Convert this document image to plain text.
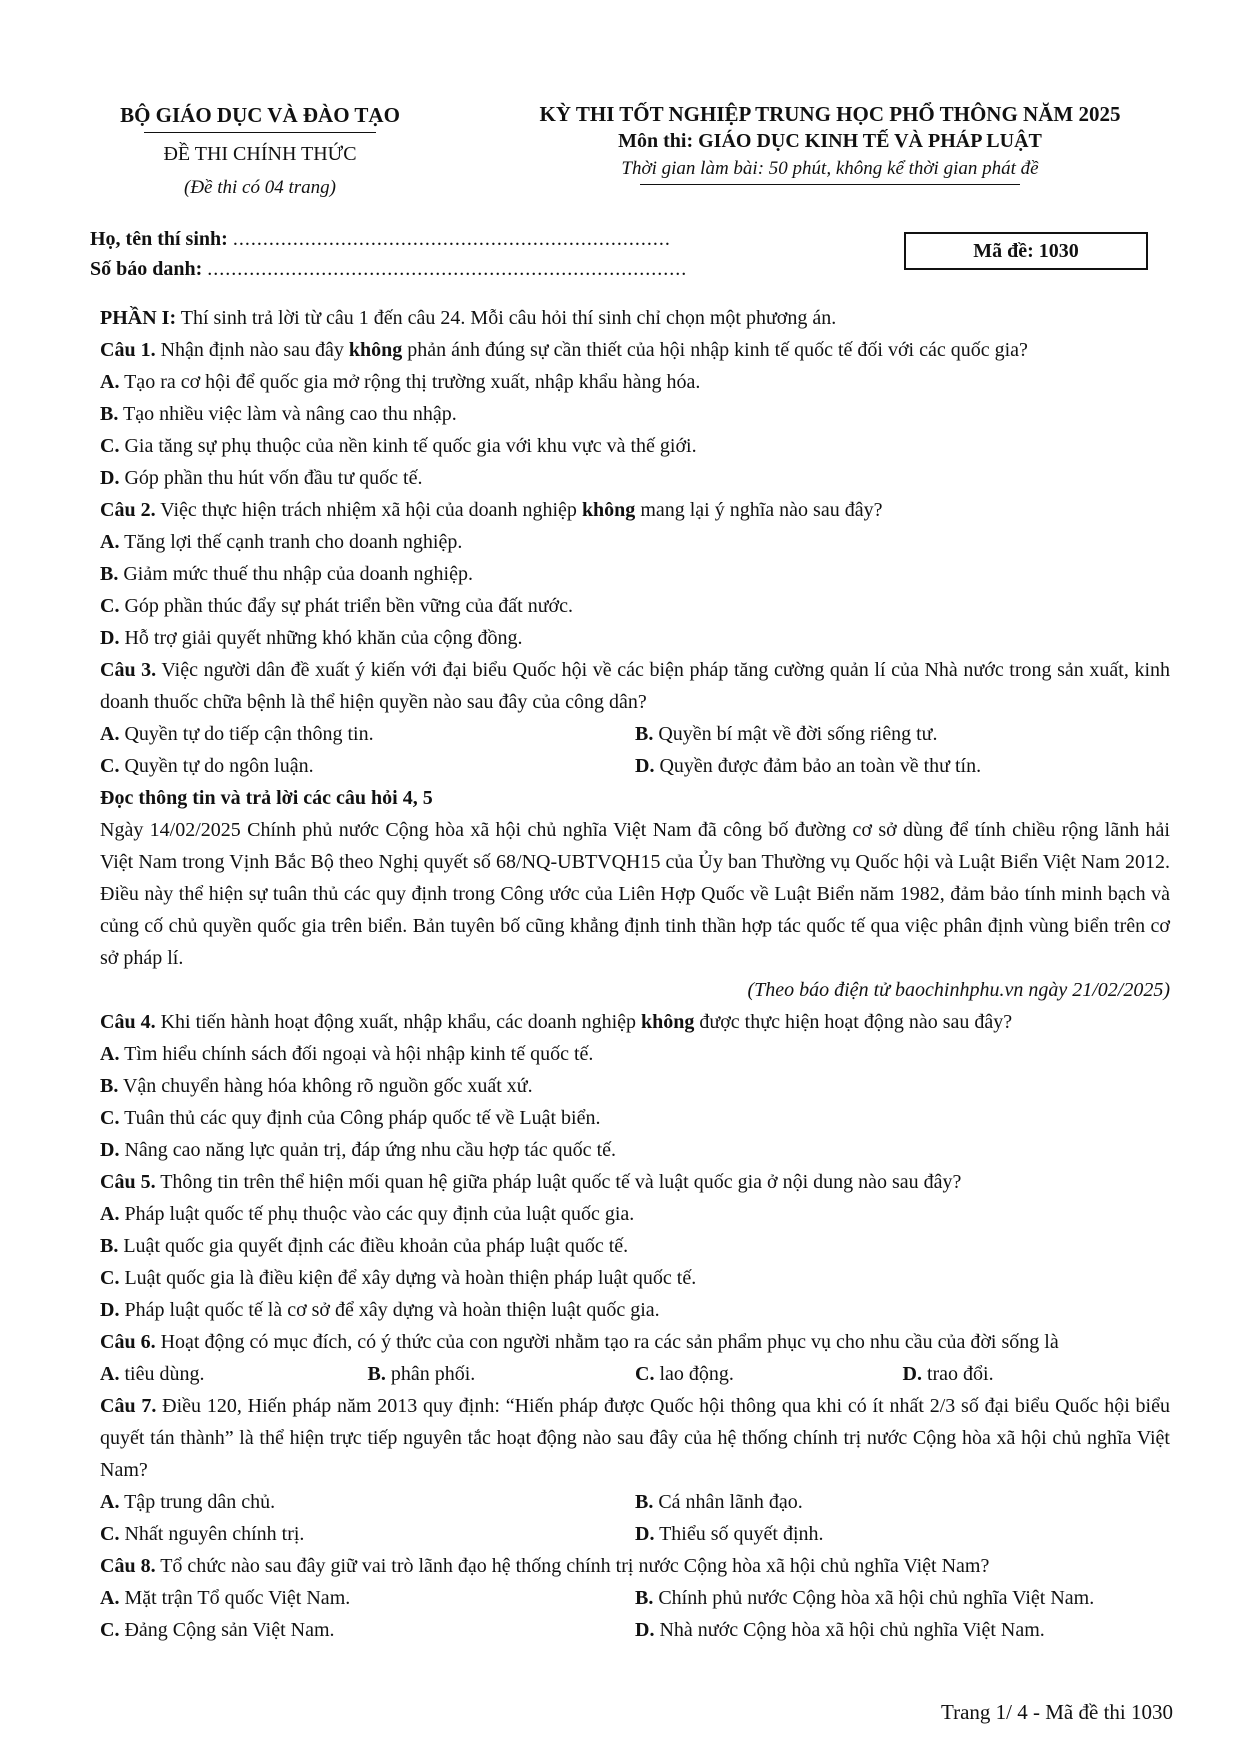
BỘ GIÁO DỤC VÀ ĐÀO TẠO
ĐỀ THI CHÍNH THỨC
(Đề thi có 04 trang)
KỲ THI TỐT NGHIỆP TRUNG HỌC PHỔ THÔNG NĂM 2025
Môn thi: GIÁO DỤC KINH TẾ VÀ PHÁP LUẬT
Thời gian làm bài: 50 phút, không kể thời gian phát đề
Họ, tên thí sinh: .........................................................................
Số báo danh: ................................................................................
Mã đề: 1030

PHẦN I: Thí sinh trả lời từ câu 1 đến câu 24. Mỗi câu hỏi thí sinh chỉ chọn một phương án.

Câu 1. Nhận định nào sau đây không phản ánh đúng sự cần thiết của hội nhập kinh tế quốc tế đối với các quốc gia?

A. Tạo ra cơ hội để quốc gia mở rộng thị trường xuất, nhập khẩu hàng hóa.

B. Tạo nhiều việc làm và nâng cao thu nhập.

C. Gia tăng sự phụ thuộc của nền kinh tế quốc gia với khu vực và thế giới.

D. Góp phần thu hút vốn đầu tư quốc tế.

Câu 2. Việc thực hiện trách nhiệm xã hội của doanh nghiệp không mang lại ý nghĩa nào sau đây?

A. Tăng lợi thế cạnh tranh cho doanh nghiệp.

B. Giảm mức thuế thu nhập của doanh nghiệp.

C. Góp phần thúc đẩy sự phát triển bền vững của đất nước.

D. Hỗ trợ giải quyết những khó khăn của cộng đồng.

Câu 3. Việc người dân đề xuất ý kiến với đại biểu Quốc hội về các biện pháp tăng cường quản lí của Nhà nước trong sản xuất, kinh doanh thuốc chữa bệnh là thể hiện quyền nào sau đây của công dân?

A. Quyền tự do tiếp cận thông tin.	B. Quyền bí mật về đời sống riêng tư.

C. Quyền tự do ngôn luận.	D. Quyền được đảm bảo an toàn về thư tín.

Đọc thông tin và trả lời các câu hỏi 4, 5

Ngày 14/02/2025 Chính phủ nước Cộng hòa xã hội chủ nghĩa Việt Nam đã công bố đường cơ sở dùng để tính chiều rộng lãnh hải Việt Nam trong Vịnh Bắc Bộ theo Nghị quyết số 68/NQ-UBTVQH15 của Ủy ban Thường vụ Quốc hội và Luật Biển Việt Nam 2012. Điều này thể hiện sự tuân thủ các quy định trong Công ước của Liên Hợp Quốc về Luật Biển năm 1982, đảm bảo tính minh bạch và củng cố chủ quyền quốc gia trên biển. Bản tuyên bố cũng khẳng định tinh thần hợp tác quốc tế qua việc phân định vùng biển trên cơ sở pháp lí.

(Theo báo điện tử baochinhphu.vn ngày 21/02/2025)

Câu 4. Khi tiến hành hoạt động xuất, nhập khẩu, các doanh nghiệp không được thực hiện hoạt động nào sau đây?

A. Tìm hiểu chính sách đối ngoại và hội nhập kinh tế quốc tế.

B. Vận chuyển hàng hóa không rõ nguồn gốc xuất xứ.

C. Tuân thủ các quy định của Công pháp quốc tế về Luật biển.

D. Nâng cao năng lực quản trị, đáp ứng nhu cầu hợp tác quốc tế.

Câu 5. Thông tin trên thể hiện mối quan hệ giữa pháp luật quốc tế và luật quốc gia ở nội dung nào sau đây?

A. Pháp luật quốc tế phụ thuộc vào các quy định của luật quốc gia.

B. Luật quốc gia quyết định các điều khoản của pháp luật quốc tế.

C. Luật quốc gia là điều kiện để xây dựng và hoàn thiện pháp luật quốc tế.

D. Pháp luật quốc tế là cơ sở để xây dựng và hoàn thiện luật quốc gia.

Câu 6. Hoạt động có mục đích, có ý thức của con người nhằm tạo ra các sản phẩm phục vụ cho nhu cầu của đời sống là

A. tiêu dùng.	B. phân phối.	C. lao động.	D. trao đổi.

Câu 7. Điều 120, Hiến pháp năm 2013 quy định: “Hiến pháp được Quốc hội thông qua khi có ít nhất 2/3 số đại biểu Quốc hội biểu quyết tán thành” là thể hiện trực tiếp nguyên tắc hoạt động nào sau đây của hệ thống chính trị nước Cộng hòa xã hội chủ nghĩa Việt Nam?

A. Tập trung dân chủ.	B. Cá nhân lãnh đạo.

C. Nhất nguyên chính trị.	D. Thiểu số quyết định.

Câu 8. Tổ chức nào sau đây giữ vai trò lãnh đạo hệ thống chính trị nước Cộng hòa xã hội chủ nghĩa Việt Nam?

A. Mặt trận Tổ quốc Việt Nam.	B. Chính phủ nước Cộng hòa xã hội chủ nghĩa Việt Nam.

C. Đảng Cộng sản Việt Nam.	D. Nhà nước Cộng hòa xã hội chủ nghĩa Việt Nam.

Trang 1/ 4 - Mã đề thi 1030
